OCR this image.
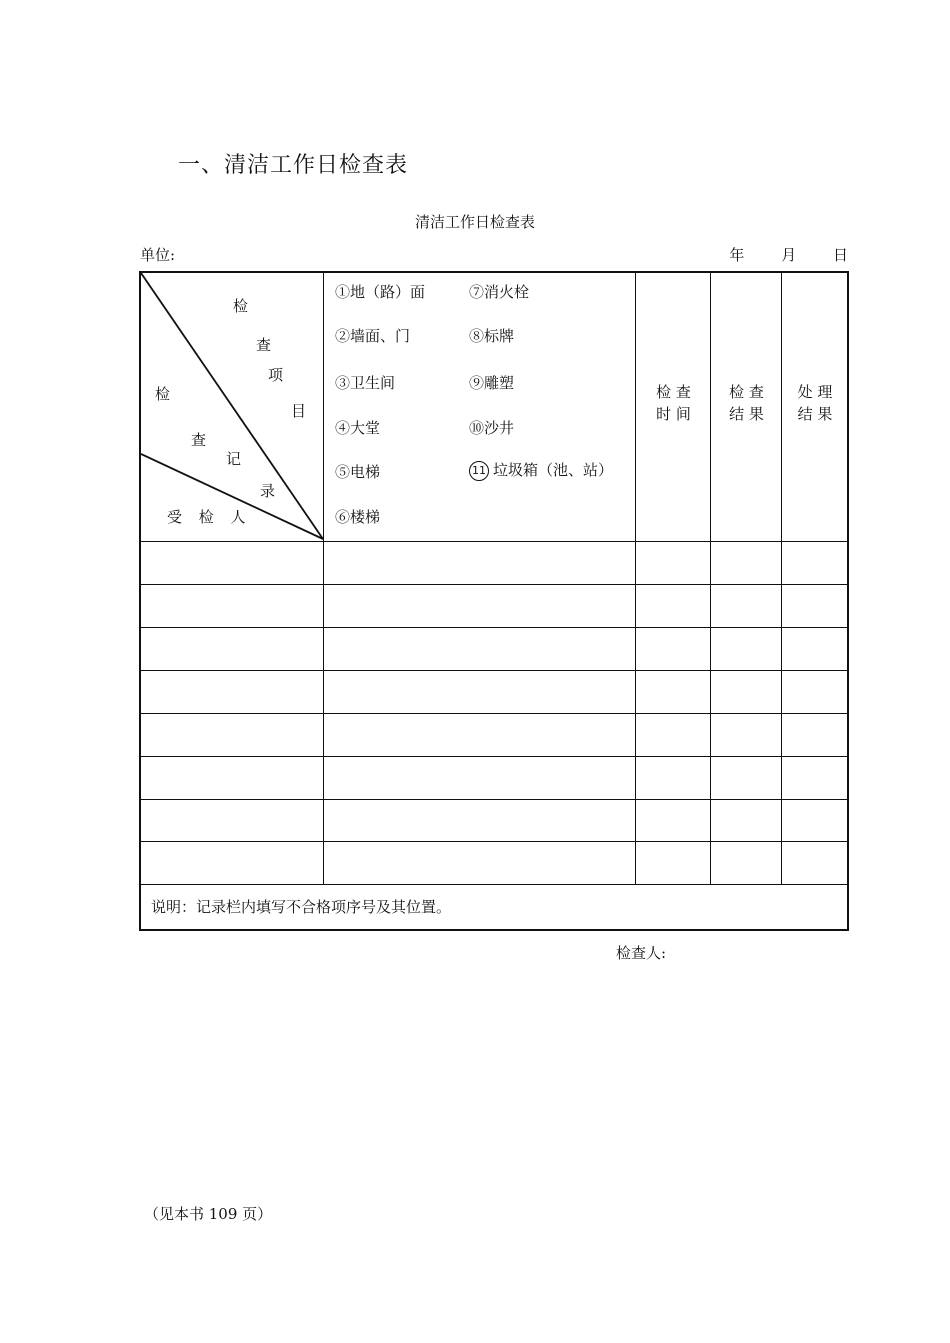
一、清洁工作日检查表
清洁工作日检查表
单位:	年 月 日
检
查
项
目
检
查
记
录
受 检 人
①地（路）面
②墙面、门
③卫生间
④大堂
⑤电梯
⑥楼梯
⑦消火栓
⑧标牌
⑨雕塑
⑩沙井
11 垃圾箱（池、站）
检 查
时 间
检 查
结 果
处 理
结 果
说明：记录栏内填写不合格项序号及其位置。
检查人:
（见本书 109 页）
